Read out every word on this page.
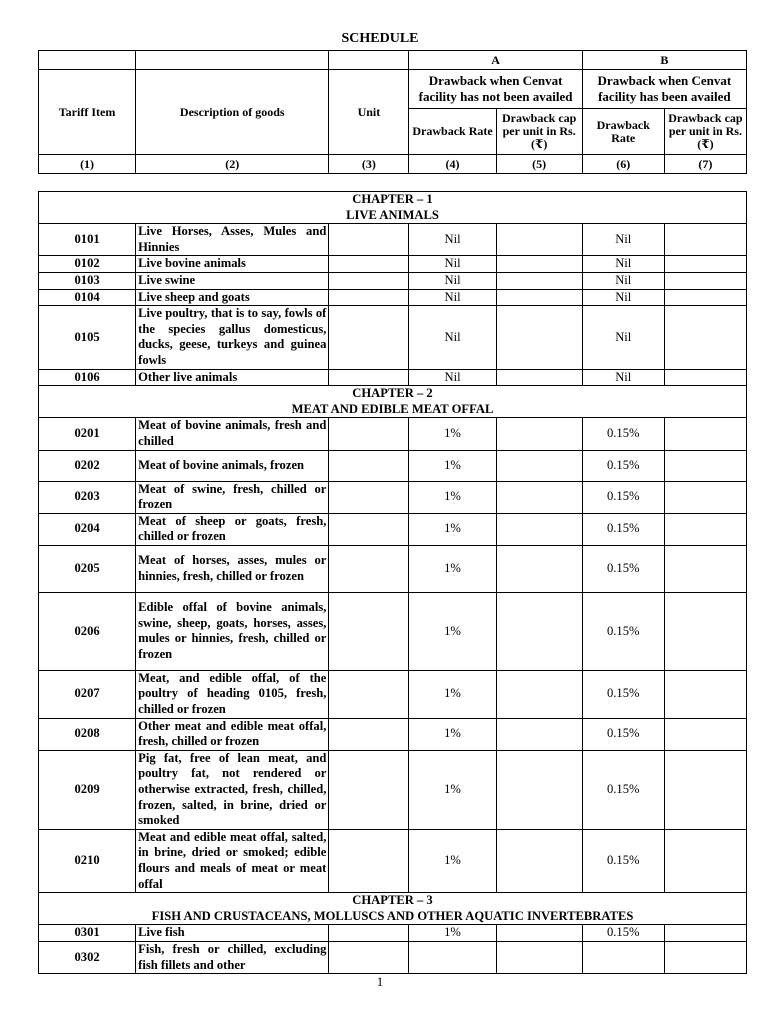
SCHEDULE
			A		B	
Tariff Item	Description of goods	Unit	Drawback when Cenvat facility has not been availed		Drawback when Cenvat facility has been availed	
			Drawback Rate	Drawback cap per unit in Rs. (₹)	Drawback Rate	Drawback cap per unit in Rs. (₹)
(1)	(2)	(3)	(4)	(5)	(6)	(7)
CHAPTER – 1
LIVE ANIMALS						

0101	Live Horses, Asses, Mules and Hinnies		Nil		Nil	
0102	Live bovine animals		Nil		Nil	
0103	Live swine		Nil		Nil	
0104	Live sheep and goats		Nil		Nil	
0105	Live poultry, that is to say, fowls of the species gallus domesticus, ducks, geese, turkeys and guinea fowls		Nil		Nil	
0106	Other live animals		Nil		Nil	

CHAPTER – 2
MEAT AND EDIBLE MEAT OFFAL						

0201	Meat of bovine animals, fresh and chilled		1%		0.15%	
0202	Meat of bovine animals, frozen		1%		0.15%	
0203	Meat of swine, fresh, chilled or frozen		1%		0.15%	
0204	Meat of sheep or goats, fresh, chilled or frozen		1%		0.15%	
0205	Meat of horses, asses, mules or hinnies, fresh, chilled or frozen		1%		0.15%	
0206	Edible offal of bovine animals, swine, sheep, goats, horses, asses, mules or hinnies, fresh, chilled or frozen		1%		0.15%	
0207	Meat, and edible offal, of the poultry of heading 0105, fresh, chilled or frozen		1%		0.15%	
0208	Other meat and edible meat offal, fresh, chilled or frozen		1%		0.15%	
0209	Pig fat, free of lean meat, and poultry fat, not rendered or otherwise extracted, fresh, chilled, frozen, salted, in brine, dried or smoked		1%		0.15%	
0210	Meat and edible meat offal, salted, in brine, dried or smoked; edible flours and meals of meat or meat offal		1%		0.15%	

CHAPTER – 3
FISH AND CRUSTACEANS, MOLLUSCS AND OTHER AQUATIC INVERTEBRATES						

0301	Live fish		1%		0.15%	
0302	Fish, fresh or chilled, excluding fish fillets and other					
1
